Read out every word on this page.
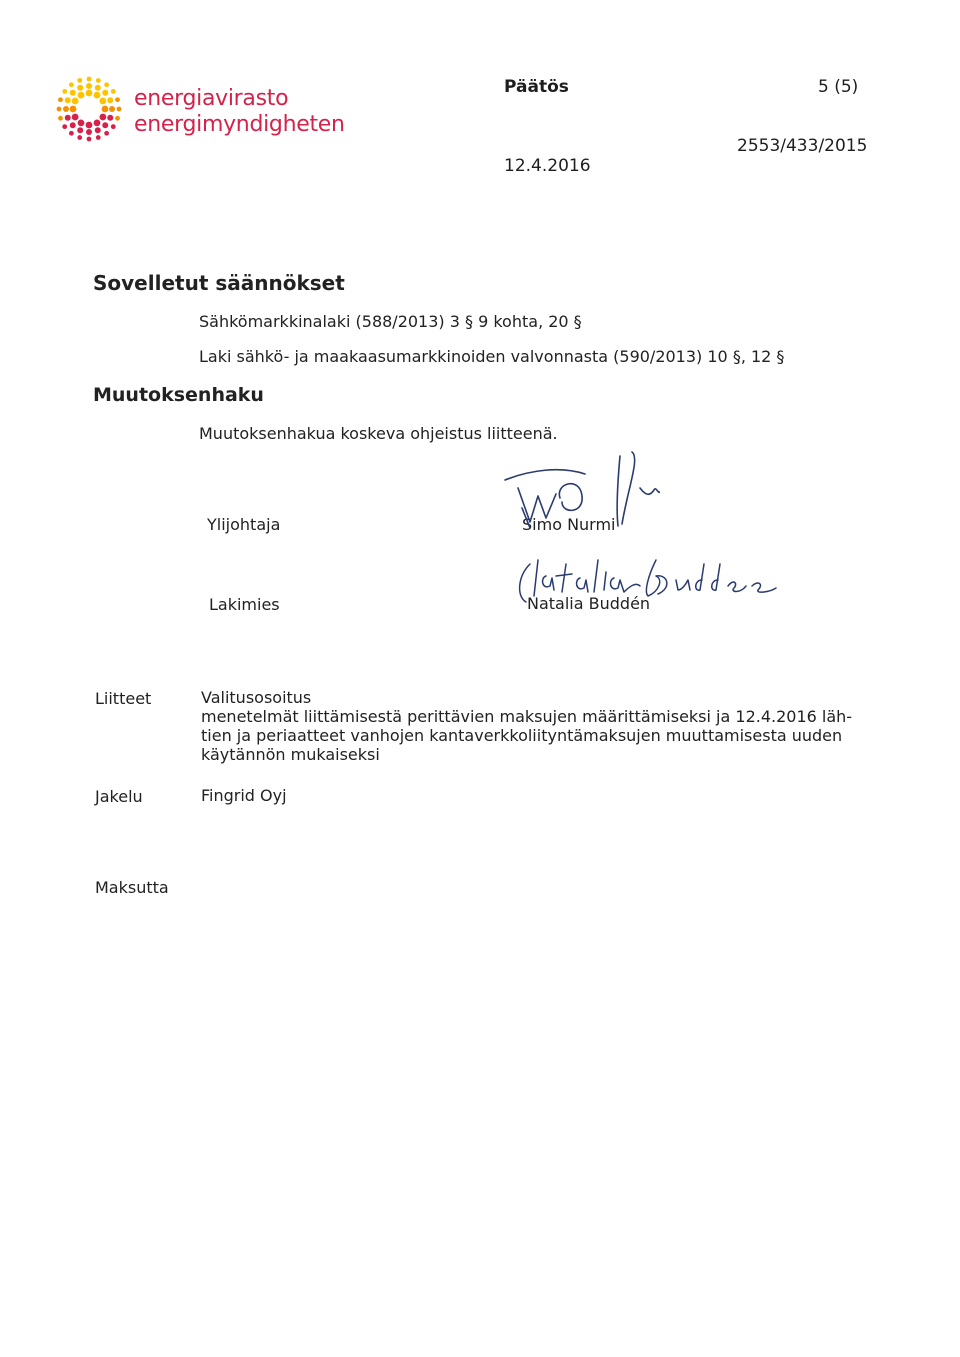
energiavirasto
energimyndigheten
Päätös	5 (5)
2553/433/2015
12.4.2016
Sovelletut säännökset
Sähkömarkkinalaki (588/2013) 3 § 9 kohta, 20 §
Laki sähkö- ja maakaasumarkkinoiden valvonnasta (590/2013) 10 §, 12 §
Muutoksenhaku
Muutoksenhakua koskeva ohjeistus liitteenä.
Ylijohtaja	Simo Nurmi
Lakimies	Natalia Buddén
Liitteet	Valitusosoitus
menetelmät liittämisestä perittävien maksujen määrittämiseksi ja 12.4.2016 läh-
tien ja periaatteet vanhojen kantaverkkoliityntämaksujen muuttamisesta uuden
käytännön mukaiseksi
Jakelu	Fingrid Oyj
Maksutta
